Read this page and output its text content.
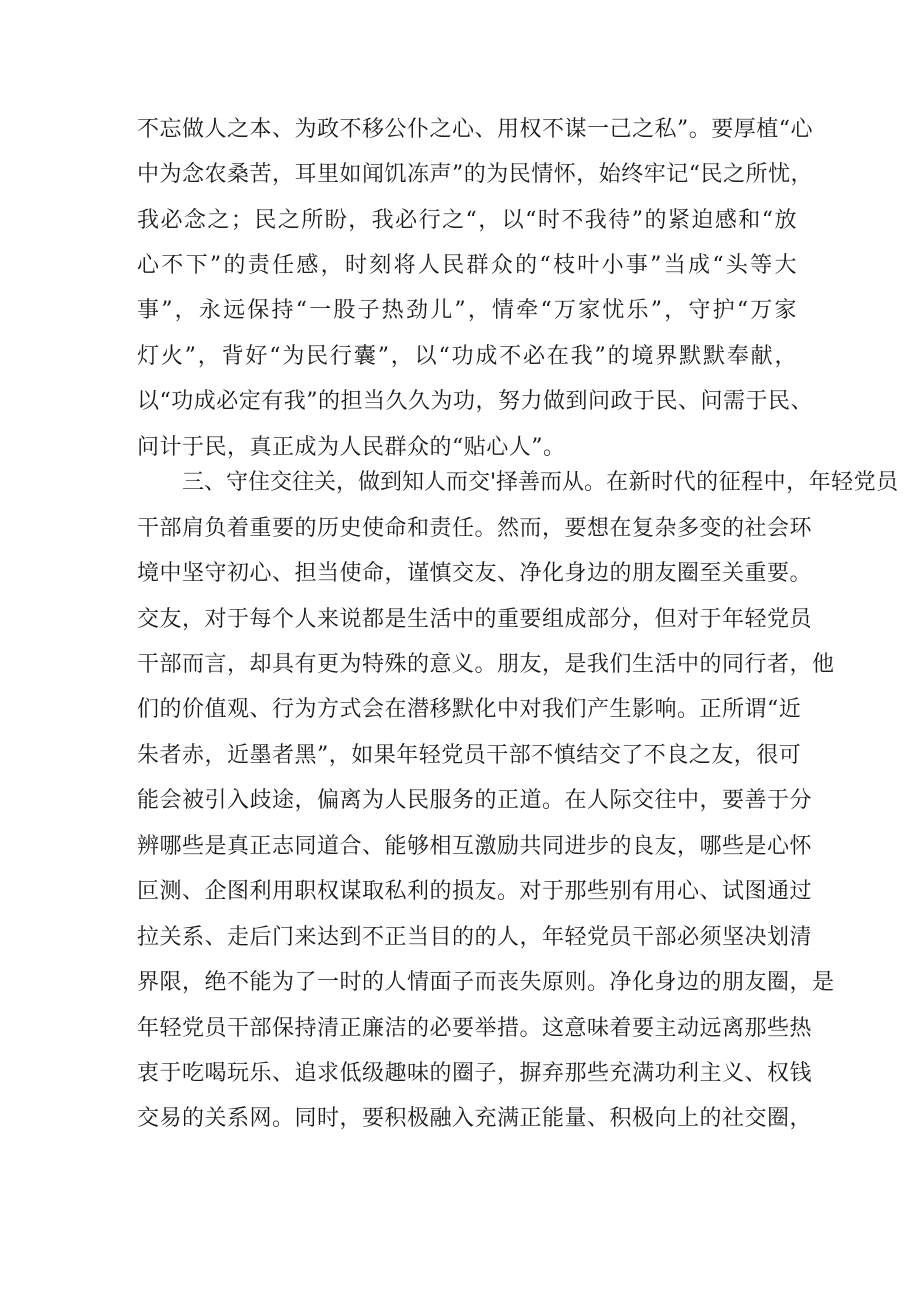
不忘做人之本、为政不移公仆之心、用权不谋一己之私”。要厚植“心
中为念农桑苦，耳里如闻饥冻声”的为民情怀，始终牢记“民之所忧，
我必念之；民之所盼，我必行之“，以“时不我待”的紧迫感和“放
心不下”的责任感，时刻将人民群众的“枝叶小事”当成“头等大
事”，永远保持“一股子热劲儿”，情牵“万家忧乐”，守护“万家
灯火”，背好“为民行囊”，以“功成不必在我”的境界默默奉献，
以“功成必定有我”的担当久久为功，努力做到问政于民、问需于民、
问计于民，真正成为人民群众的“贴心人”。
三、守住交往关，做到知人而交'择善而从。在新时代的征程中，年轻党员
干部肩负着重要的历史使命和责任。然而，要想在复杂多变的社会环
境中坚守初心、担当使命，谨慎交友、净化身边的朋友圈至关重要。
交友，对于每个人来说都是生活中的重要组成部分，但对于年轻党员
干部而言，却具有更为特殊的意义。朋友，是我们生活中的同行者，他
们的价值观、行为方式会在潜移默化中对我们产生影响。正所谓“近
朱者赤，近墨者黑”，如果年轻党员干部不慎结交了不良之友，很可
能会被引入歧途，偏离为人民服务的正道。在人际交往中，要善于分
辨哪些是真正志同道合、能够相互激励共同进步的良友，哪些是心怀
叵测、企图利用职权谋取私利的损友。对于那些别有用心、试图通过
拉关系、走后门来达到不正当目的的人，年轻党员干部必须坚决划清
界限，绝不能为了一时的人情面子而丧失原则。净化身边的朋友圈，是
年轻党员干部保持清正廉洁的必要举措。这意味着要主动远离那些热
衷于吃喝玩乐、追求低级趣味的圈子，摒弃那些充满功利主义、权钱
交易的关系网。同时，要积极融入充满正能量、积极向上的社交圈，
